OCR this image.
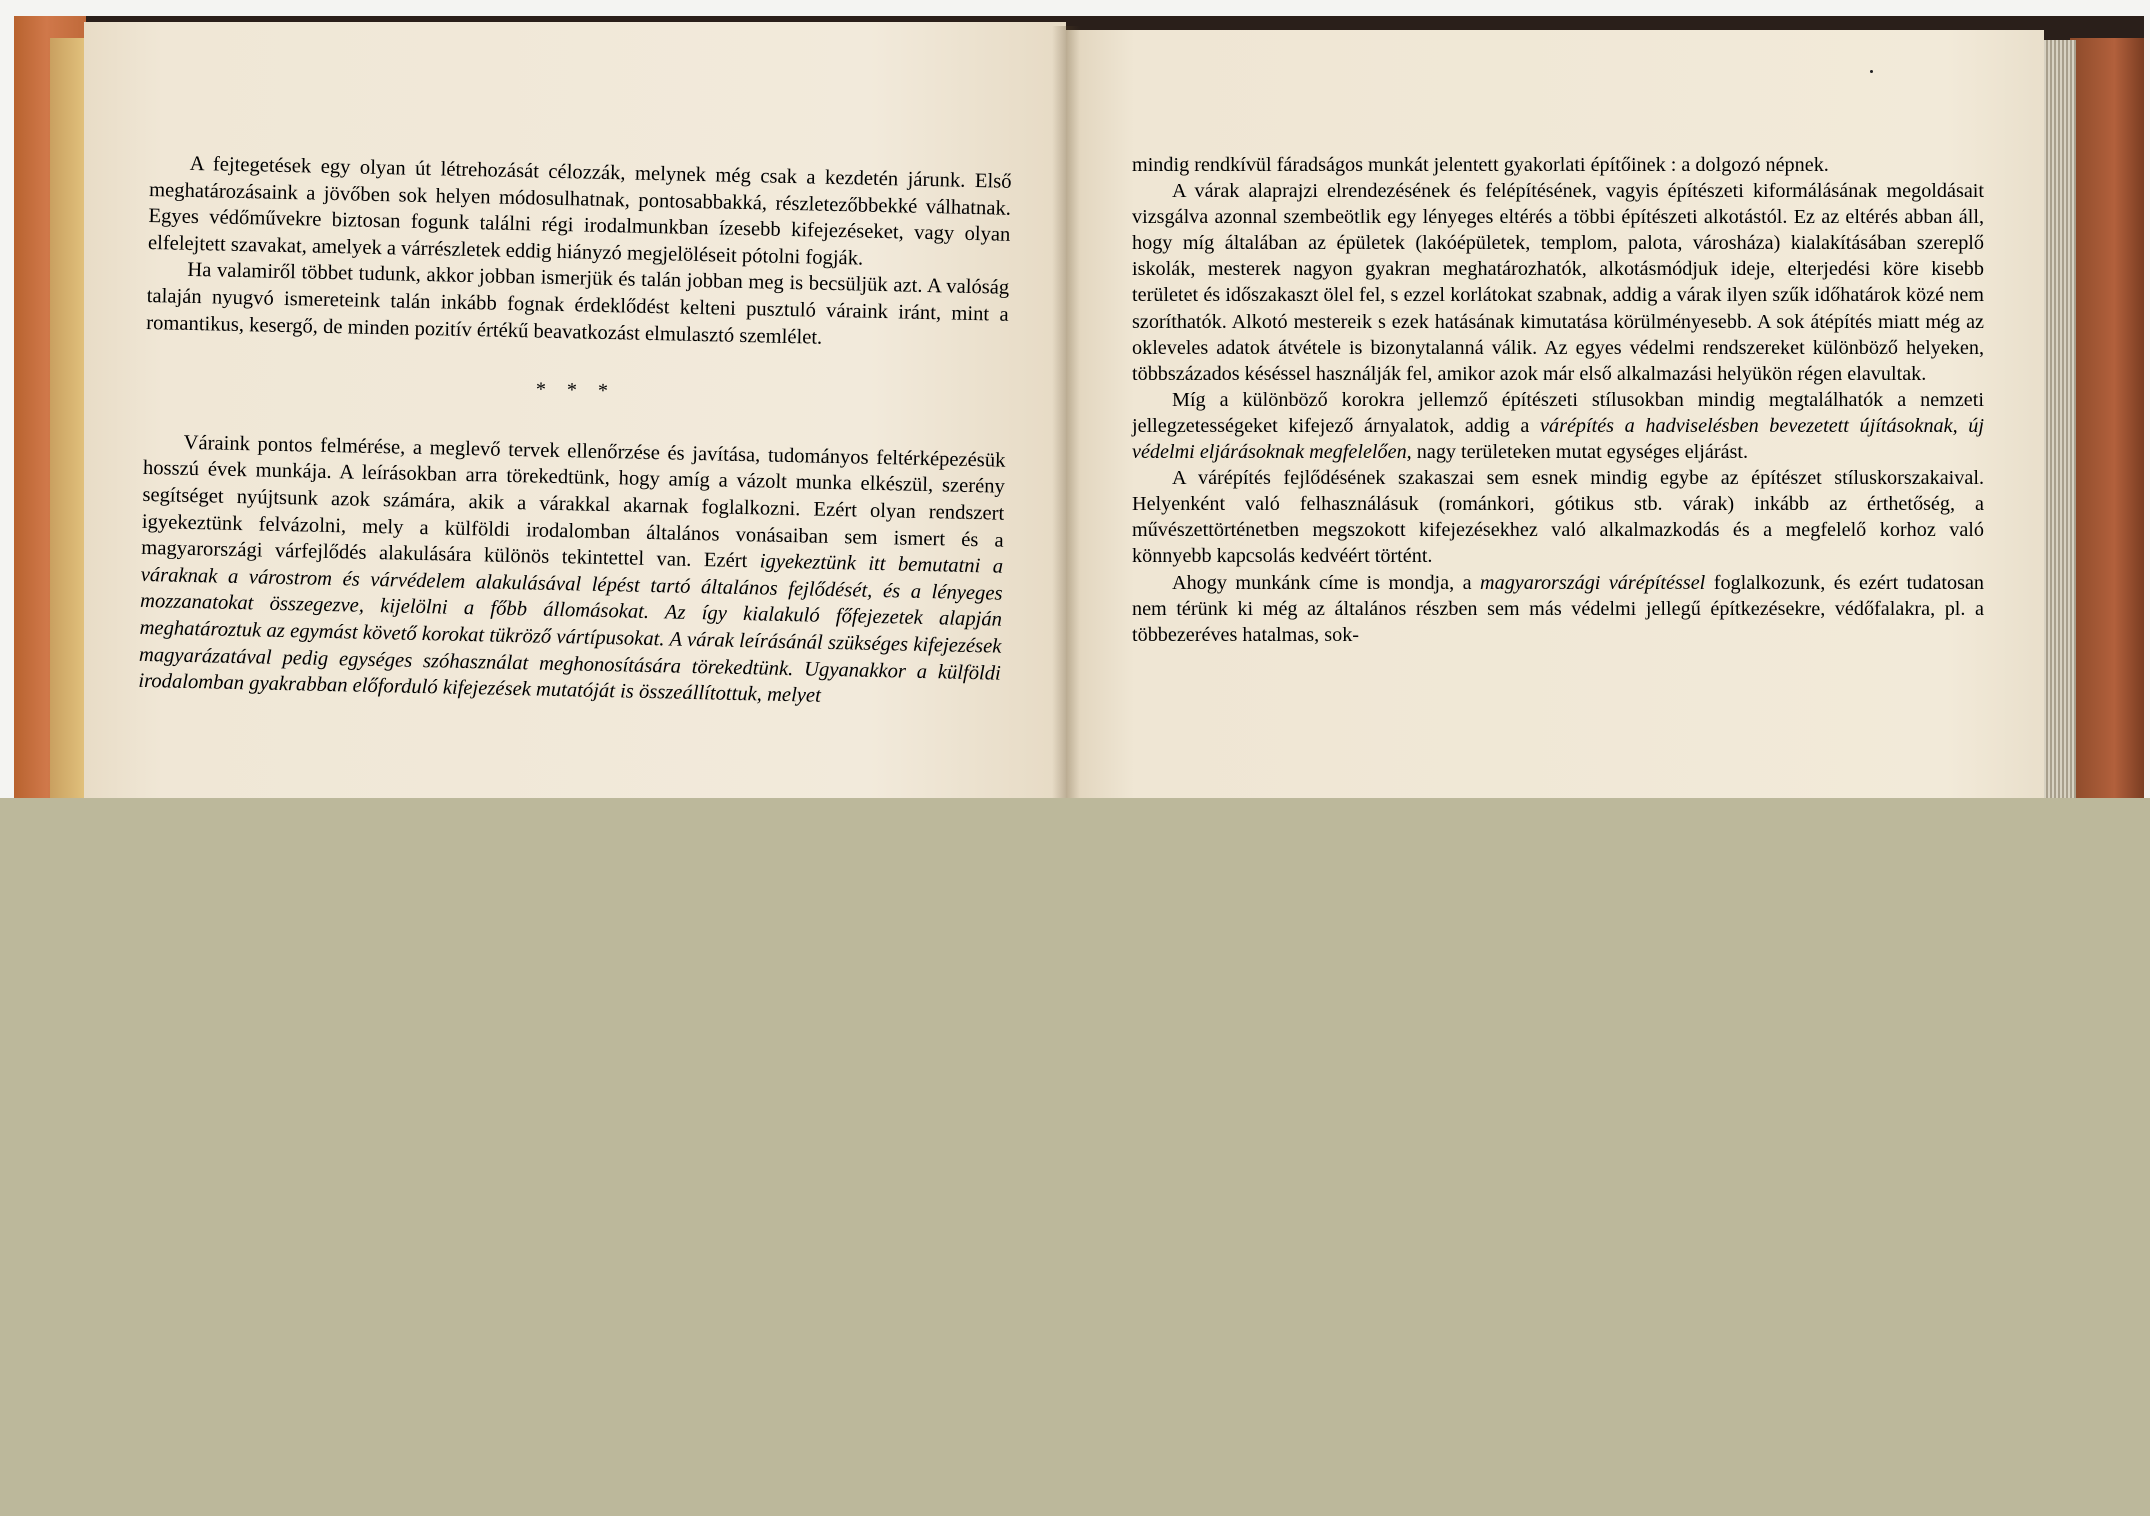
A fejtegetések egy olyan út létrehozását célozzák, melynek még csak a kezdetén járunk. Első meghatározásaink a jövőben sok helyen módosulhatnak, pontosabbakká, részletezőbbekké válhatnak. Egyes védőművekre biztosan fogunk találni régi irodalmunkban ízesebb kifejezéseket, vagy olyan elfelejtett szavakat, amelyek a várrészletek eddig hiányzó megjelöléseit pótolni fogják.

Ha valamiről többet tudunk, akkor jobban ismerjük és talán jobban meg is becsüljük azt. A valóság talaján nyugvó ismereteink talán inkább fognak érdeklődést kelteni pusztuló váraink iránt, mint a romantikus, kesergő, de minden pozitív értékű beavatkozást elmulasztó szemlélet.

* * *

Váraink pontos felmérése, a meglevő tervek ellenőrzése és javítása, tudományos feltérképezésük hosszú évek munkája. A leírásokban arra törekedtünk, hogy amíg a vázolt munka elkészül, szerény segítséget nyújtsunk azok számára, akik a várakkal akarnak foglalkozni. Ezért olyan rendszert igyekeztünk felvázolni, mely a külföldi irodalomban általános vonásaiban sem ismert és a magyarországi várfejlődés alakulására különös tekintettel van. Ezért igyekeztünk itt bemutatni a váraknak a várostrom és várvédelem alakulásával lépést tartó általános fejlődését, és a lényeges mozzanatokat összegezve, kijelölni a főbb állomásokat. Az így kialakuló főfejezetek alapján meghatároztuk az egymást követő korokat tükröző vártípusokat. A várak leírásánál szükséges kifejezések magyarázatával pedig egységes szóhasználat meghonosítására törekedtünk. Ugyanakkor a külföldi irodalomban gyakrabban előforduló kifejezések mutatóját is összeállítottuk, melyet

mindig rendkívül fáradságos munkát jelentett gyakorlati építőinek : a dolgozó népnek.

A várak alaprajzi elrendezésének és felépítésének, vagyis építészeti kiformálásának megoldásait vizsgálva azonnal szembeötlik egy lényeges eltérés a többi építészeti alkotástól. Ez az eltérés abban áll, hogy míg általában az épületek (lakóépületek, templom, palota, városháza) kialakításában szereplő iskolák, mesterek nagyon gyakran meghatározhatók, alkotásmódjuk ideje, elterjedési köre kisebb területet és időszakaszt ölel fel, s ezzel korlátokat szabnak, addig a várak ilyen szűk időhatárok közé nem szoríthatók. Alkotó mestereik s ezek hatásának kimutatása körülményesebb. A sok átépítés miatt még az okleveles adatok átvétele is bizonytalanná válik. Az egyes védelmi rendszereket különböző helyeken, többszázados késéssel használják fel, amikor azok már első alkalmazási helyükön régen elavultak.

Míg a különböző korokra jellemző építészeti stílusokban mindig megtalálhatók a nemzeti jellegzetességeket kifejező árnyalatok, addig a várépítés a hadviselésben bevezetett újításoknak, új védelmi eljárásoknak megfelelően, nagy területeken mutat egységes eljárást.

A várépítés fejlődésének szakaszai sem esnek mindig egybe az építészet stíluskorszakaival. Helyenként való felhasználásuk (románkori, gótikus stb. várak) inkább az érthetőség, a művészettörténetben megszokott kifejezésekhez való alkalmazkodás és a megfelelő korhoz való könnyebb kapcsolás kedvéért történt.

Ahogy munkánk címe is mondja, a magyarországi várépítéssel foglalkozunk, és ezért tudatosan nem térünk ki még az általános részben sem más védelmi jellegű építkezésekre, védőfalakra, pl. a többezeréves hatalmas, sok-
